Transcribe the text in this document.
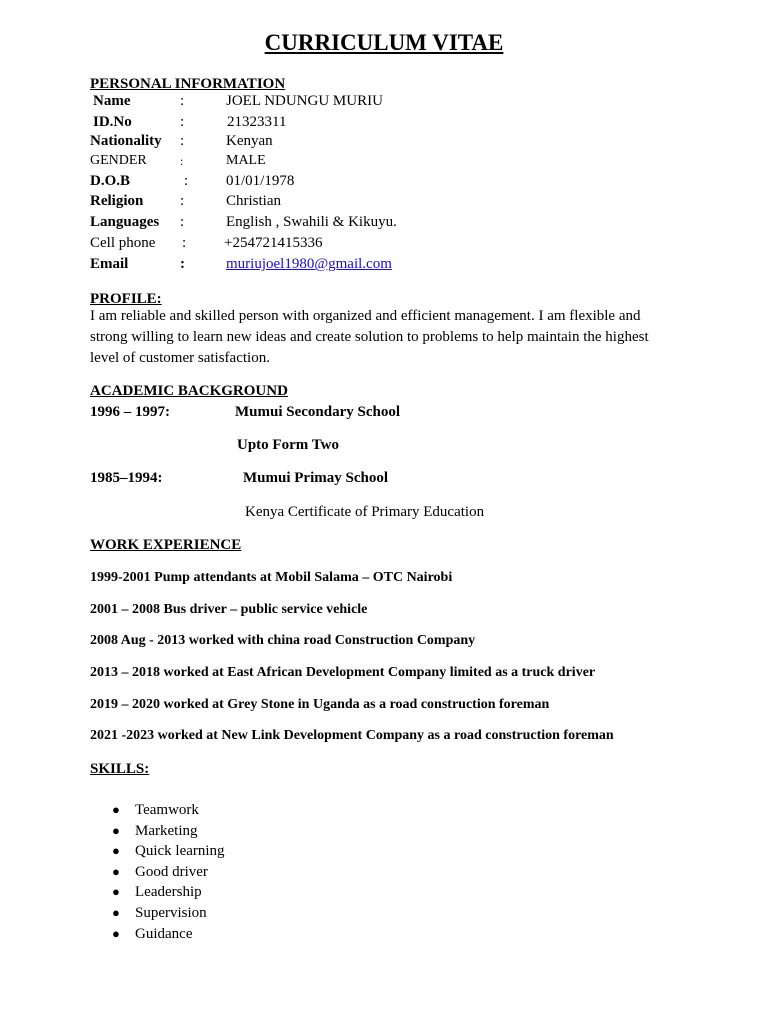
CURRICULUM VITAE
PERSONAL INFORMATION
Name	:	JOEL NDUNGU MURIU
ID.No	:	21323311
Nationality :	Kenyan
GENDER	:	MALE
D.O.B	:	01/01/1978
Religion :	Christian
Languages :	English , Swahili & Kikuyu.
Cell phone :	+254721415336
Email	:	muriujoel1980@gmail.com
PROFILE:

I am reliable and skilled person with organized and efficient management. I am flexible and strong willing to learn new ideas and create solution to problems to help maintain the highest level of customer satisfaction.

ACADEMIC BACKGROUND
1996 – 1997:	Mumui Secondary School
Upto Form Two
1985–1994:	Mumui Primay School
Kenya Certificate of Primary Education
WORK EXPERIENCE
1999-2001 Pump attendants at Mobil Salama – OTC Nairobi
2001 – 2008 Bus driver – public service vehicle
2008 Aug - 2013 worked with china road Construction Company
2013 – 2018 worked at East African Development Company limited as a truck driver
2019 – 2020 worked at Grey Stone in Uganda as a road construction foreman
2021 -2023 worked at New Link Development Company as a road construction foreman
SKILLS:
● Teamwork
● Marketing
● Quick learning
● Good driver
● Leadership
● Supervision
● Guidance
